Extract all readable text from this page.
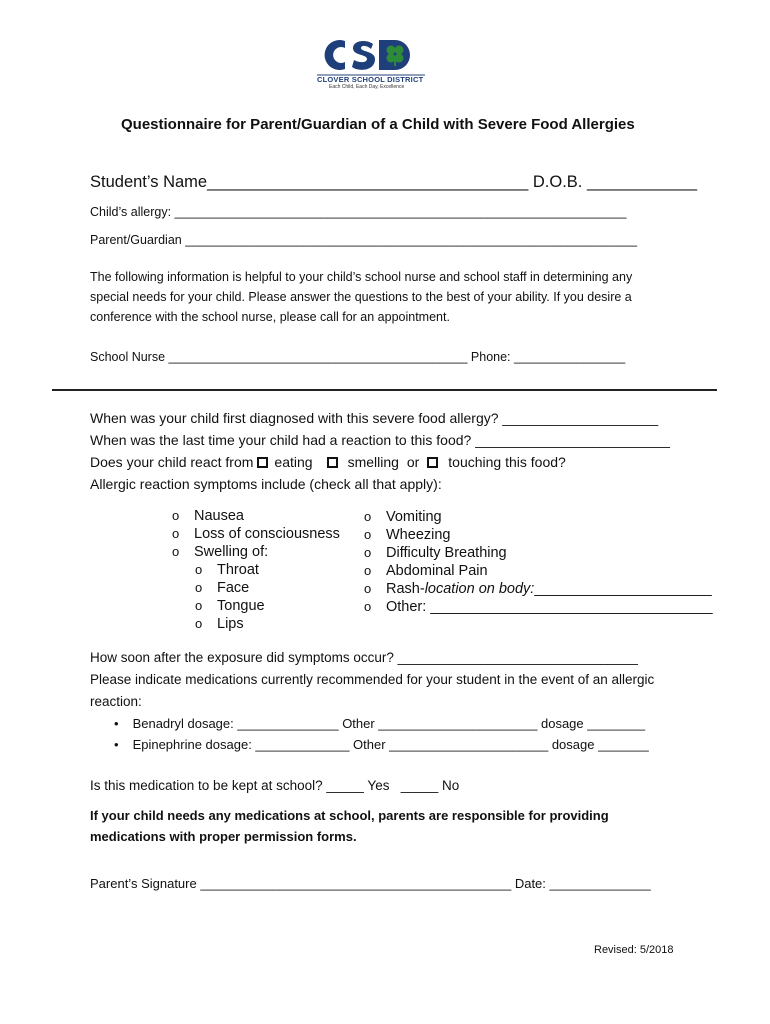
CLOVER SCHOOL DISTRICT
Each Child, Each Day, Excellence
Questionnaire for Parent/Guardian of a Child with Severe Food Allergies
Student’s Name___________________________________ D.O.B. ____________
Child’s allergy: _________________________________________________________________
Parent/Guardian _________________________________________________________________
The following information is helpful to your child’s school nurse and school staff in determining any
special needs for your child. Please answer the questions to the best of your ability. If you desire a
conference with the school nurse, please call for an appointment.
School Nurse ___________________________________________ Phone: ________________
When was your child first diagnosed with this severe food allergy? ____________________
When was the last time your child had a reaction to this food? _________________________
Does your child react from eating	smelling or touching this food?
Allergic reaction symptoms include (check all that apply):
o Nausea
o Loss of consciousness
o Swelling of:
o Throat
o Face
o Tongue
o Lips
o Vomiting
o Wheezing
o Difficulty Breathing
o Abdominal Pain
o Rash-location on body:______________________
o Other: ___________________________________
How soon after the exposure did symptoms occur? ________________________________
Please indicate medications currently recommended for your student in the event of an allergic
reaction:
• Benadryl dosage: ______________ Other ______________________ dosage ________
• Epinephrine dosage: _____________ Other ______________________ dosage _______
Is this medication to be kept at school? _____ Yes   _____ No
If your child needs any medications at school, parents are responsible for providing
medications with proper permission forms.
Parent’s Signature ___________________________________________ Date: ______________
Revised: 5/2018
